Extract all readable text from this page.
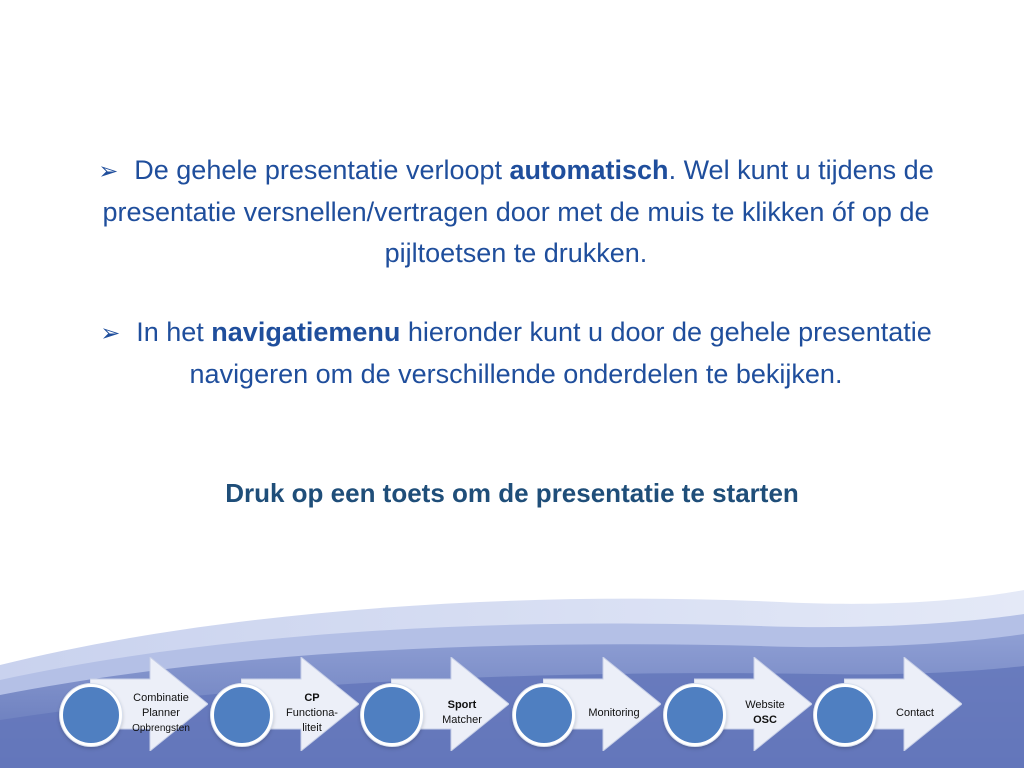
➢ De gehele presentatie verloopt automatisch. Wel kunt u tijdens de presentatie versnellen/vertragen door met de muis te klikken óf op de pijltoetsen te drukken.

➢ In het navigatiemenu hieronder kunt u door de gehele presentatie navigeren om de verschillende onderdelen te bekijken.

Druk op een toets om de presentatie te starten
Combinatie
Planner
Opbrengsten
CP
Functiona-
liteit
Sport
Matcher
Monitoring
Website
OSC
Contact
